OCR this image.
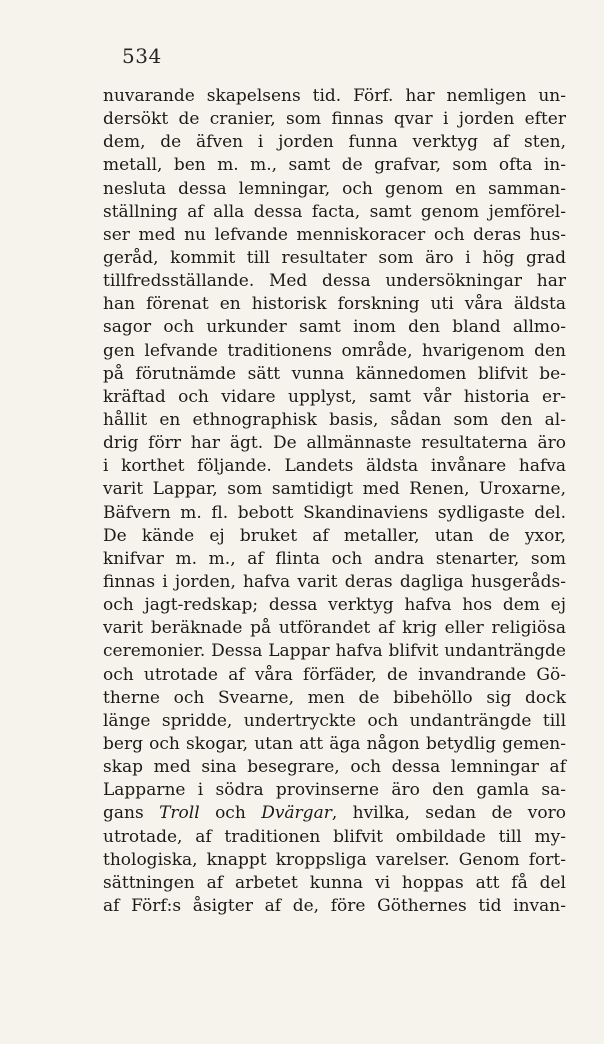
534
nuvarande skapelsens tid. Förf. har nemligen un-
dersökt de cranier, som finnas qvar i jorden efter
dem, de äfven i jorden funna verktyg af sten,
metall, ben m. m., samt de grafvar, som ofta in-
nesluta dessa lemningar, och genom en samman-
ställning af alla dessa facta, samt genom jemförel-
ser med nu lefvande menniskoracer och deras hus-
geråd, kommit till resultater som äro i hög grad
tillfredsställande. Med dessa undersökningar har
han förenat en historisk forskning uti våra äldsta
sagor och urkunder samt inom den bland allmo-
gen lefvande traditionens område, hvarigenom den
på förutnämde sätt vunna kännedomen blifvit be-
kräftad och vidare upplyst, samt vår historia er-
hållit en ethnographisk basis, sådan som den al-
drig förr har ägt. De allmännaste resultaterna äro
i korthet följande. Landets äldsta invånare hafva
varit Lappar, som samtidigt med Renen, Uroxarne,
Bäfvern m. fl. bebott Skandinaviens sydligaste del.
De kände ej bruket af metaller, utan de yxor,
knifvar m. m., af flinta och andra stenarter, som
finnas i jorden, hafva varit deras dagliga husgeråds-
och jagt-redskap; dessa verktyg hafva hos dem ej
varit beräknade på utförandet af krig eller religiösa
ceremonier. Dessa Lappar hafva blifvit undanträngde
och utrotade af våra förfäder, de invandrande Gö-
therne och Svearne, men de bibehöllo sig dock
länge spridde, undertryckte och undanträngde till
berg och skogar, utan att äga någon betydlig gemen-
skap med sina besegrare, och dessa lemningar af
Lapparne i södra provinserne äro den gamla sa-
gans Troll och Dvärgar, hvilka, sedan de voro
utrotade, af traditionen blifvit ombildade till my-
thologiska, knappt kroppsliga varelser. Genom fort-
sättningen af arbetet kunna vi hoppas att få del
af Förf:s åsigter af de, före Göthernes tid invan-
